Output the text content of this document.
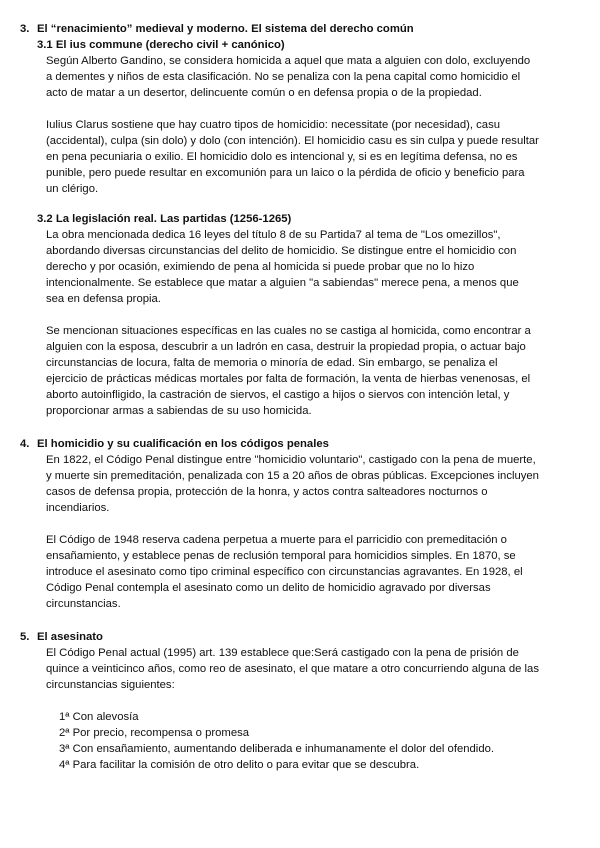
3. El “renacimiento” medieval y moderno. El sistema del derecho común
3.1 El ius commune (derecho civil + canónico)
Según Alberto Gandino, se considera homicida a aquel que mata a alguien con dolo, excluyendo
a dementes y niños de esta clasificación. No se penaliza con la pena capital como homicidio el
acto de matar a un desertor, delincuente común o en defensa propia o de la propiedad.
Iulius Clarus sostiene que hay cuatro tipos de homicidio: necessitate (por necesidad), casu
(accidental), culpa (sin dolo) y dolo (con intención). El homicidio casu es sin culpa y puede resultar
en pena pecuniaria o exilio. El homicidio dolo es intencional y, si es en legítima defensa, no es
punible, pero puede resultar en excomunión para un laico o la pérdida de oficio y beneficio para
un clérigo.
3.2 La legislación real. Las partidas (1256-1265)
La obra mencionada dedica 16 leyes del título 8 de su Partida7 al tema de "Los omezillos",
abordando diversas circunstancias del delito de homicidio. Se distingue entre el homicidio con
derecho y por ocasión, eximiendo de pena al homicida si puede probar que no lo hizo
intencionalmente. Se establece que matar a alguien "a sabiendas" merece pena, a menos que
sea en defensa propia.
Se mencionan situaciones específicas en las cuales no se castiga al homicida, como encontrar a
alguien con la esposa, descubrir a un ladrón en casa, destruir la propiedad propia, o actuar bajo
circunstancias de locura, falta de memoria o minoría de edad. Sin embargo, se penaliza el
ejercicio de prácticas médicas mortales por falta de formación, la venta de hierbas venenosas, el
aborto autoinfligido, la castración de siervos, el castigo a hijos o siervos con intención letal, y
proporcionar armas a sabiendas de su uso homicida.
4. El homicidio y su cualificación en los códigos penales
En 1822, el Código Penal distingue entre "homicidio voluntario", castigado con la pena de muerte,
y muerte sin premeditación, penalizada con 15 a 20 años de obras públicas. Excepciones incluyen
casos de defensa propia, protección de la honra, y actos contra salteadores nocturnos o
incendiarios.
El Código de 1948 reserva cadena perpetua a muerte para el parricidio con premeditación o
ensañamiento, y establece penas de reclusión temporal para homicidios simples. En 1870, se
introduce el asesinato como tipo criminal específico con circunstancias agravantes. En 1928, el
Código Penal contempla el asesinato como un delito de homicidio agravado por diversas
circunstancias.
5. El asesinato
El Código Penal actual (1995) art. 139 establece que:Será castigado con la pena de prisión de
quince a veinticinco años, como reo de asesinato, el que matare a otro concurriendo alguna de las
circunstancias siguientes:
1ª Con alevosía
2ª Por precio, recompensa o promesa
3ª Con ensañamiento, aumentando deliberada e inhumanamente el dolor del ofendido.
4ª Para facilitar la comisión de otro delito o para evitar que se descubra.
